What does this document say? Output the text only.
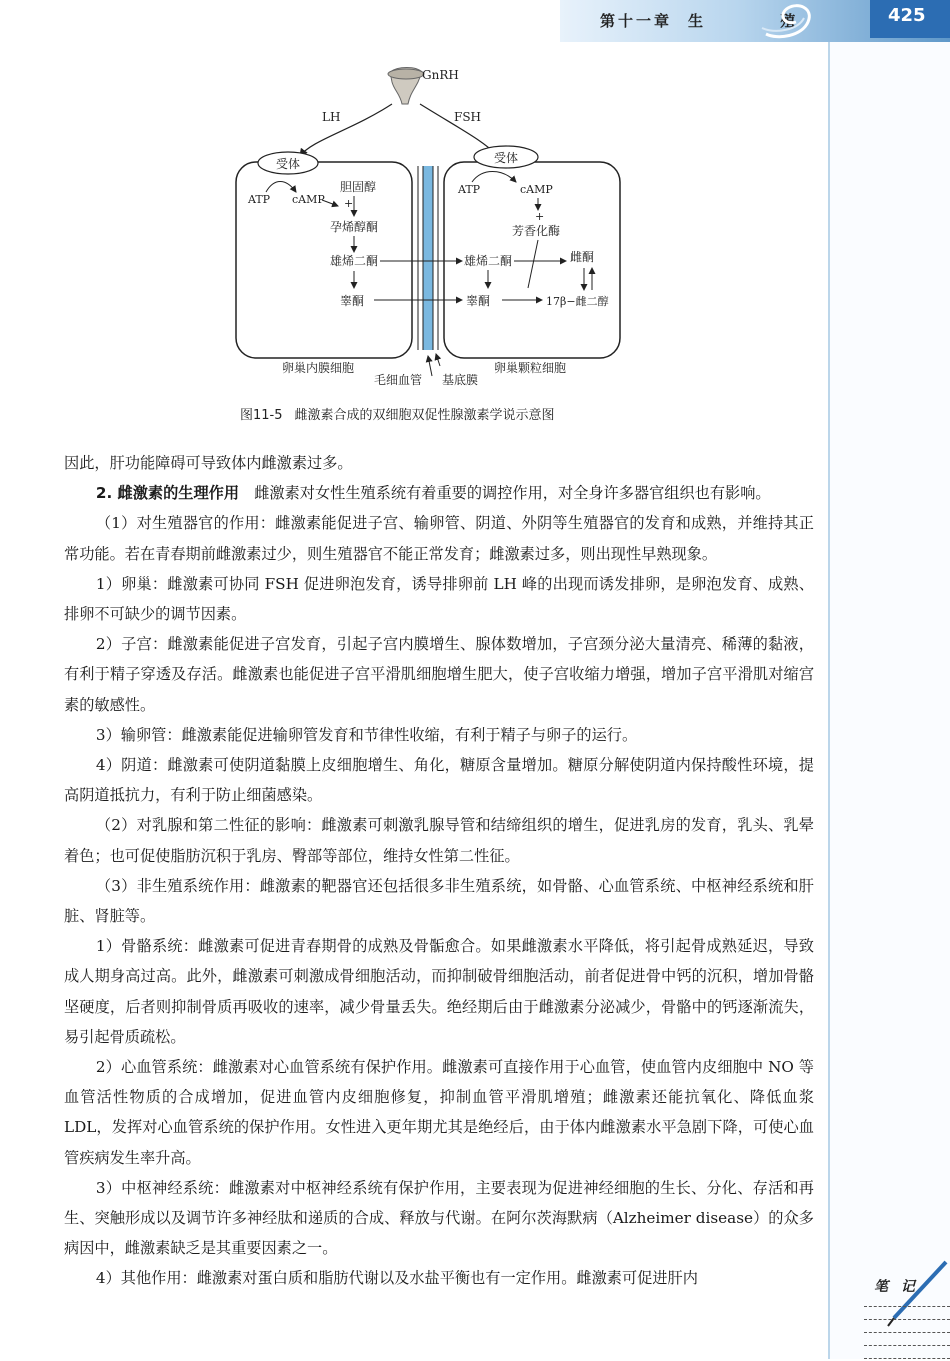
第十一章 生 殖	425
GnRH
LH	FSH
受体	受体
ATP cAMP
胆固醇
+
孕烯醇酮
雄烯二酮
睾酮
ATP	cAMP
+
芳香化酶
雄烯二酮	雌酮
睾酮	17β−雌二醇
卵巢内膜细胞
毛细血管 基底膜
卵巢颗粒细胞
图11-5 雌激素合成的双细胞双促性腺激素学说示意图

因此，肝功能障碍可导致体内雌激素过多。

2. 雌激素的生理作用　雌激素对女性生殖系统有着重要的调控作用，对全身许多器官组织也有影响。

（1）对生殖器官的作用：雌激素能促进子宫、输卵管、阴道、外阴等生殖器官的发育和成熟，并维持其正常功能。若在青春期前雌激素过少，则生殖器官不能正常发育；雌激素过多，则出现性早熟现象。

1）卵巢：雌激素可协同 FSH 促进卵泡发育，诱导排卵前 LH 峰的出现而诱发排卵，是卵泡发育、成熟、排卵不可缺少的调节因素。

2）子宫：雌激素能促进子宫发育，引起子宫内膜增生、腺体数增加，子宫颈分泌大量清亮、稀薄的黏液，有利于精子穿透及存活。雌激素也能促进子宫平滑肌细胞增生肥大，使子宫收缩力增强，增加子宫平滑肌对缩宫素的敏感性。

3）输卵管：雌激素能促进输卵管发育和节律性收缩，有利于精子与卵子的运行。

4）阴道：雌激素可使阴道黏膜上皮细胞增生、角化，糖原含量增加。糖原分解使阴道内保持酸性环境，提高阴道抵抗力，有利于防止细菌感染。

（2）对乳腺和第二性征的影响：雌激素可刺激乳腺导管和结缔组织的增生，促进乳房的发育，乳头、乳晕着色；也可促使脂肪沉积于乳房、臀部等部位，维持女性第二性征。

（3）非生殖系统作用：雌激素的靶器官还包括很多非生殖系统，如骨骼、心血管系统、中枢神经系统和肝脏、肾脏等。

1）骨骼系统：雌激素可促进青春期骨的成熟及骨骺愈合。如果雌激素水平降低，将引起骨成熟延迟，导致成人期身高过高。此外，雌激素可刺激成骨细胞活动，而抑制破骨细胞活动，前者促进骨中钙的沉积，增加骨骼坚硬度，后者则抑制骨质再吸收的速率，减少骨量丢失。绝经期后由于雌激素分泌减少，骨骼中的钙逐渐流失，易引起骨质疏松。

2）心血管系统：雌激素对心血管系统有保护作用。雌激素可直接作用于心血管，使血管内皮细胞中 NO 等血管活性物质的合成增加，促进血管内皮细胞修复，抑制血管平滑肌增殖；雌激素还能抗氧化、降低血浆 LDL，发挥对心血管系统的保护作用。女性进入更年期尤其是绝经后，由于体内雌激素水平急剧下降，可使心血管疾病发生率升高。

3）中枢神经系统：雌激素对中枢神经系统有保护作用，主要表现为促进神经细胞的生长、分化、存活和再生、突触形成以及调节许多神经肽和递质的合成、释放与代谢。在阿尔茨海默病（Alzheimer disease）的众多病因中，雌激素缺乏是其重要因素之一。

4）其他作用：雌激素对蛋白质和脂肪代谢以及水盐平衡也有一定作用。雌激素可促进肝内	笔 记
